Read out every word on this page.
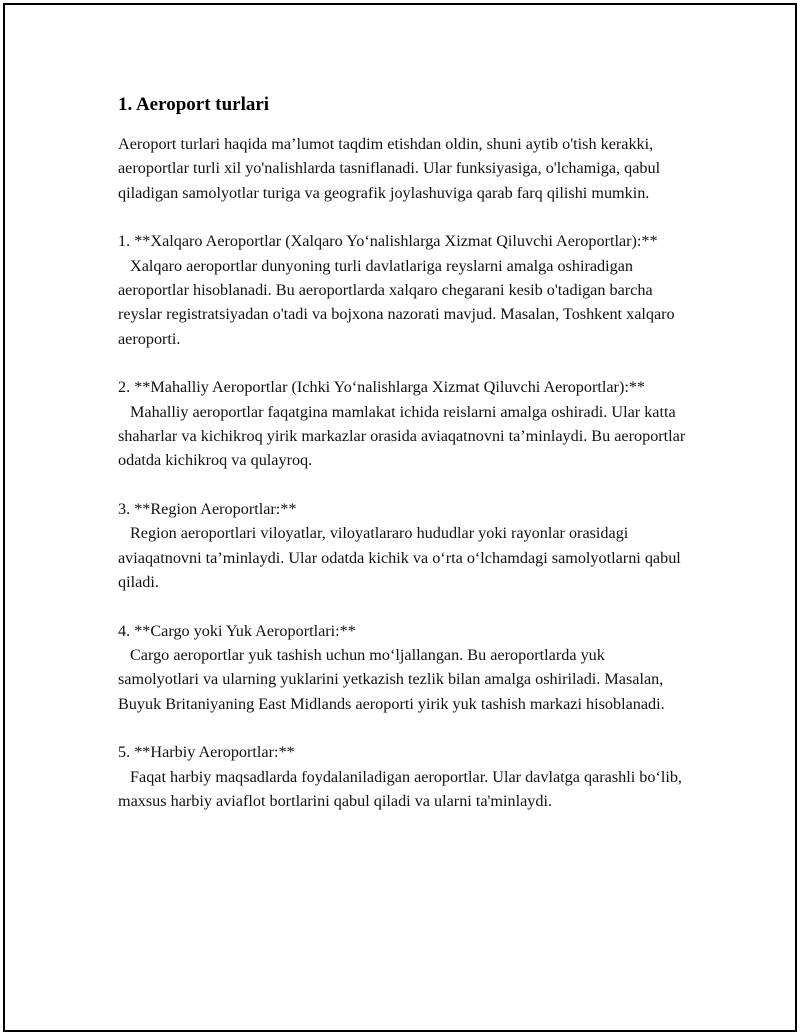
1. Aeroport turlari

Aeroport turlari haqida ma’lumot taqdim etishdan oldin, shuni aytib o'tish kerakki, aeroportlar turli xil yo'nalishlarda tasniflanadi. Ular funksiyasiga, o'lchamiga, qabul qiladigan samolyotlar turiga va geografik joylashuviga qarab farq qilishi mumkin.

1. **Xalqaro Aeroportlar (Xalqaro Yo‘nalishlarga Xizmat Qiluvchi Aeroportlar):**
Xalqaro aeroportlar dunyoning turli davlatlariga reyslarni amalga oshiradigan aeroportlar hisoblanadi. Bu aeroportlarda xalqaro chegarani kesib o'tadigan barcha reyslar registratsiyadan o'tadi va bojxona nazorati mavjud. Masalan, Toshkent xalqaro aeroporti.
2. **Mahalliy Aeroportlar (Ichki Yo‘nalishlarga Xizmat Qiluvchi Aeroportlar):**
Mahalliy aeroportlar faqatgina mamlakat ichida reislarni amalga oshiradi. Ular katta shaharlar va kichikroq yirik markazlar orasida aviaqatnovni ta’minlaydi. Bu aeroportlar odatda kichikroq va qulayroq.
3. **Region Aeroportlar:**
Region aeroportlari viloyatlar, viloyatlararo hududlar yoki rayonlar orasidagi aviaqatnovni ta’minlaydi. Ular odatda kichik va o‘rta o‘lchamdagi samolyotlarni qabul qiladi.
4. **Cargo yoki Yuk Aeroportlari:**
Cargo aeroportlar yuk tashish uchun mo‘ljallangan. Bu aeroportlarda yuk samolyotlari va ularning yuklarini yetkazish tezlik bilan amalga oshiriladi. Masalan, Buyuk Britaniyaning East Midlands aeroporti yirik yuk tashish markazi hisoblanadi.
5. **Harbiy Aeroportlar:**
Faqat harbiy maqsadlarda foydalaniladigan aeroportlar. Ular davlatga qarashli bo‘lib, maxsus harbiy aviaflot bortlarini qabul qiladi va ularni ta'minlaydi.
